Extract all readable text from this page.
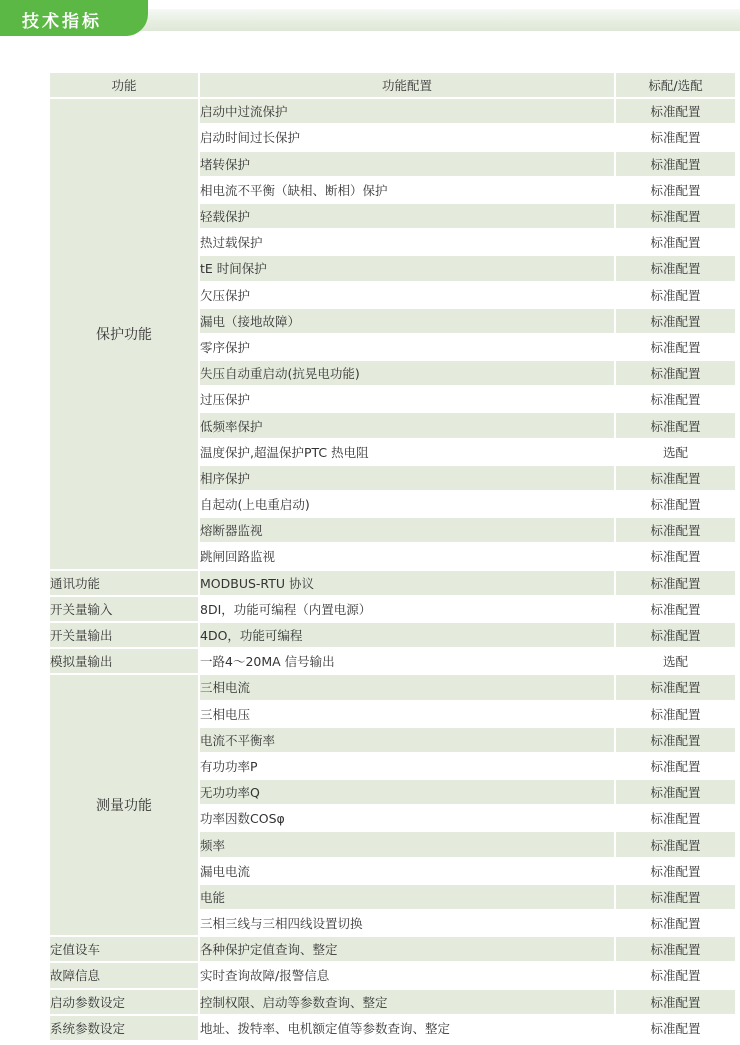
技术指标
功能	功能配置	标配/选配
保护功能	启动中过流保护	标准配置
	启动时间过长保护	标准配置
	堵转保护	标准配置
	相电流不平衡（缺相、断相）保护	标准配置
	轻载保护	标准配置
	热过载保护	标准配置
	tE 时间保护	标准配置
	欠压保护	标准配置
	漏电（接地故障）	标准配置
	零序保护	标准配置
	失压自动重启动(抗晃电功能)	标准配置
	过压保护	标准配置
	低频率保护	标准配置
	温度保护,超温保护PTC 热电阻	选配
	相序保护	标准配置
	自起动(上电重启动)	标准配置
	熔断器监视	标准配置
	跳闸回路监视	标准配置
通讯功能	MODBUS-RTU 协议	标准配置
开关量输入	8DI，功能可编程（内置电源）	标准配置
开关量输出	4DO，功能可编程	标准配置
模拟量输出	一路4～20MA 信号输出	选配
测量功能	三相电流	标准配置
	三相电压	标准配置
	电流不平衡率	标准配置
	有功功率P	标准配置
	无功功率Q	标准配置
	功率因数COSφ	标准配置
	频率	标准配置
	漏电电流	标准配置
	电能	标准配置
	三相三线与三相四线设置切换	标准配置
定值设车	各种保护定值查询、整定	标准配置
故障信息	实时查询故障/报警信息	标准配置
启动参数设定	控制权限、启动等参数查询、整定	标准配置
系统参数设定	地址、拨特率、电机额定值等参数查询、整定	标准配置
